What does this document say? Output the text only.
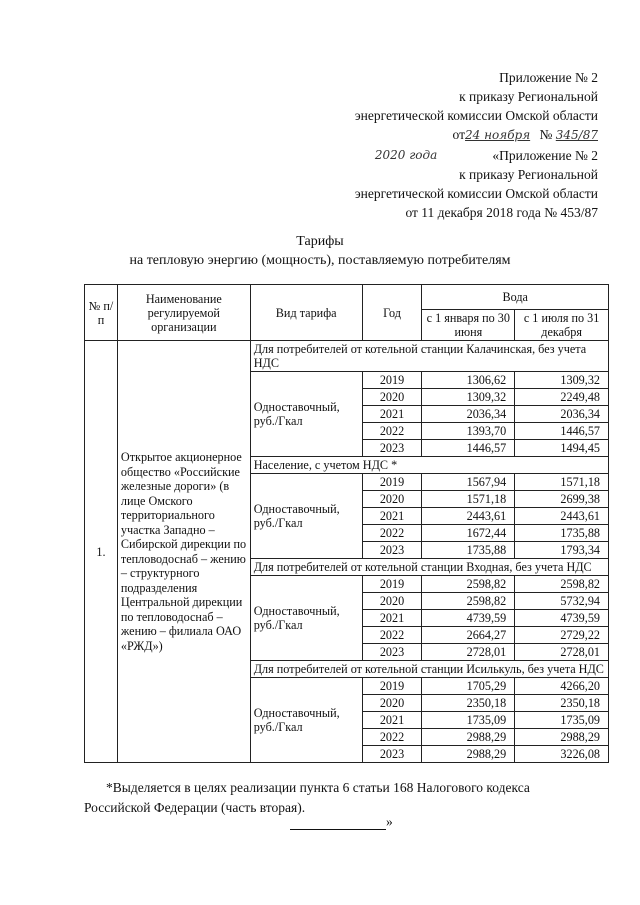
Приложение № 2
к приказу Региональной
энергетической комиссии Омской области
от24 ноября № 345/87
2020 года	«Приложение № 2
к приказу Региональной
энергетической комиссии Омской области
от 11 декабря 2018 года № 453/87
Тарифы
на тепловую энергию (мощность), поставляемую потребителям
№ п/п	Наименование регулируемой организации	Вид тарифа	Год	Вода	
				с 1 января по 30 июня	с 1 июля по 31 декабря
1.	Открытое акционерное общество «Российские железные дороги» (в лице Омского территориального участка Западно – Сибирской дирекции по тепловодоснаб – жению – структурного подразделения Центральной дирекции по тепловодоснаб – жению – филиала ОАО «РЖД»)	Для потребителей от котельной станции Калачинская, без учета НДС			
		Одноставочный, руб./Гкал	2019	1306,62	1309,32
			2020	1309,32	2249,48
			2021	2036,34	2036,34
			2022	1393,70	1446,57
			2023	1446,57	1494,45
		Население, с учетом НДС *			
		Одноставочный, руб./Гкал	2019	1567,94	1571,18
			2020	1571,18	2699,38
			2021	2443,61	2443,61
			2022	1672,44	1735,88
			2023	1735,88	1793,34
		Для потребителей от котельной станции Входная, без учета НДС			
		Одноставочный, руб./Гкал	2019	2598,82	2598,82
			2020	2598,82	5732,94
			2021	4739,59	4739,59
			2022	2664,27	2729,22
			2023	2728,01	2728,01
		Для потребителей от котельной станции Исилькуль, без учета НДС			
		Одноставочный, руб./Гкал	2019	1705,29	4266,20
			2020	2350,18	2350,18
			2021	1735,09	1735,09
			2022	2988,29	2988,29
			2023	2988,29	3226,08
*Выделяется в целях реализации пункта 6 статьи 168 Налогового кодекса
Российской Федерации (часть вторая).
»
